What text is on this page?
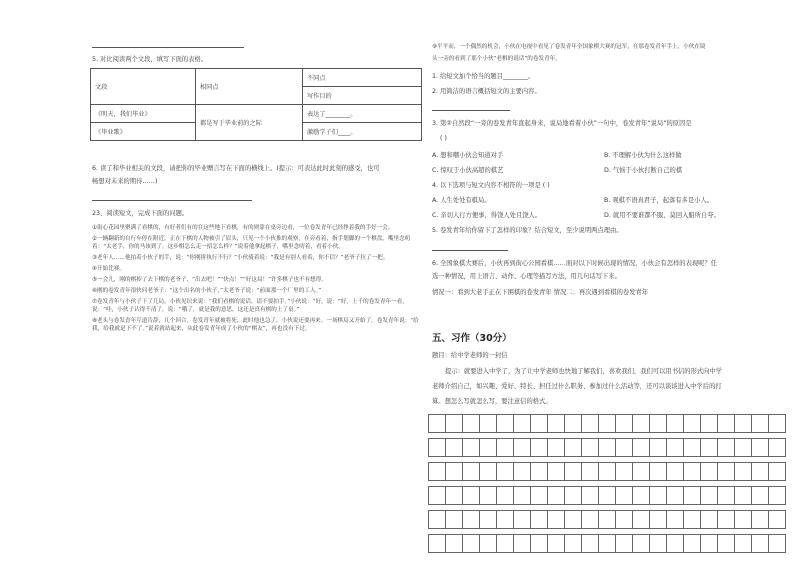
5. 对比阅读两个文段，填写下面的表格。
文段	相同点	不同点
		写作目的
《明天，我们毕业》	都是写于毕业前的之际	表达了________。
《毕业歌》		激励学子们____。
6. 读了和毕业相关的文段，请把你的毕业赠言写在下面的横线上。(提示：可表达此时此刻的感受，也可
畅想对未来的期待……)
23、阅读短文，完成下面的问题。

①街心花园里聚满了看棋的，有好者们有的在这些地下看棋，有的则靠在桌旁边看，一位卷发青年已经挣着我的手好一会。

②一辆翻新的自行车停在附近，正在下棋的人物被引了眉头，只见一个小伙推的观察，在旁看着，指手划脚的一个棋盘，嘴里念叨着：“太老手，你的马该到了。这步棋怎么走一招怎么样？”说着他拿起棋子，嘴里念叨着，看着小伙。

③老年人……他拍着小伙子的手，说：“你刚拼执行不行？”小伙骑着说：“我是有别人看着，你不信？”老爷子拉了一把。

④开始比赛。

⑤一会儿，刚的棋掉了去下棋的老爷子，“出去吧！”“快点！”“好这局！”许多棋子也不有想得。

⑥刚的卷发青年很快问老爷子：“这个出名的小伙子，”太老爷子说：“前面那一个厂里的工人。”

⑦卷发青年与小伙子下了几局，小伙见识来说：“我们看棋的说话，请不要拍手。”小伙说：“好，说：“好，上千的卷发青年一看，说：“哇，小伙子认得不清了，说：“哦了，就是我的意思，这还是真有棋的上了桌。”

⑧老头与卷发青年互道告辞，几个回合，卷发青年就被将死，此时他也急了，小伙说还要再来。一场棋局又开始了。卷发青年说：“给我，给我就是下不了。”说着就站起来，从此卷发青年成了小伙的“棋友”，再也没有下过。

⑨平平而，一个偶然的机会，小伙在电视中看见了卷发青年全国象棋大赛的冠军，在那卷发青年手上，小伙在镜
头一旁的看到了那个小伙“老棋的说话”的卷发青年。
1. 给短文加个恰当的题目________。
2. 用简洁的语言概括短文的主要内容。
3. 第②自然段“一旁的卷发青年直起身来，说局地看着小伙”一句中，卷发青年“说局”的原因是
( )
A. 想和嘲小伙会知道对手	B. 不理解小伙为什么这样做
C. 惊叹于小伙高超的棋艺	D. 气恼于小伙打断自己的棋
4. 以下选项与短文内容不相符的一项是 ( )
A. 人生处处有棋局。	B. 观棋不语真君子，起落有多是小人。
C. 亲切人行方便事，得饶人处且饶人。	D. 就用不要谁都不服，莫回入船所自夸。
5. 卷发青年给你留下了怎样的印象？结合短文，至少说明两点理由。
6. 全国象棋大赛后，小伙再到街心公园看棋……面对以下时候出现的情况，小伙会有怎样的表现呢？任
选一种情况，用上语言、动作、心理等描写方法，用几句话写下来。
情况一：看到大老手正在下围棋的卷发青年 情况二：再次遇到看棋的卷发青年
五、习作（30分）
题目：给中学老师的一封信
提示：就要进入中学了，为了让中学老师也快地了解我们，喜欢我们，我们可以用书信的形式向中学
老师介绍自己，如兴趣、爱好、特长、担任过什么职务、参加过什么活动等，还可以谈谈进入中学后的打
算。想怎么写就怎么写，要注意信的格式。
